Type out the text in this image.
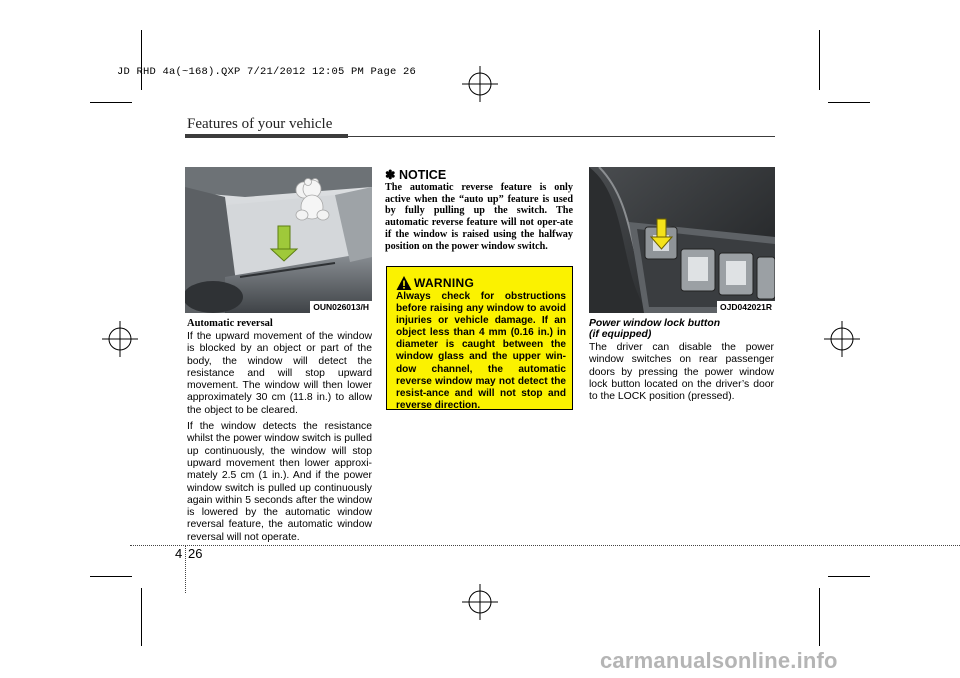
JD RHD 4a(~168).QXP 7/21/2012 12:05 PM Page 26
Features of your vehicle
OUN026013/H
Automatic reversal

If the upward movement of the window is blocked by an object or part of the body, the window will detect the resistance and will stop upward movement. The window will then lower approximately 30 cm (11.8 in.) to allow the object to be cleared.

If the window detects the resistance whilst the power window switch is pulled up continuously, the window will stop upward movement then lower approxi-mately 2.5 cm (1 in.). And if the power window switch is pulled up continuously again within 5 seconds after the window is lowered by the automatic window reversal feature, the automatic window reversal will not operate.

✽ NOTICE
The automatic reverse feature is only active when the “auto up” feature is used by fully pulling up the switch. The automatic reverse feature will not oper-ate if the window is raised using the halfway position on the power window switch.
WARNING
Always check for obstructions before raising any window to avoid injuries or vehicle damage. If an object less than 4 mm (0.16 in.) in diameter is caught between the window glass and the upper win-dow channel, the automatic reverse window may not detect the resist-ance and will not stop and reverse direction.
OJD042021R
Power window lock button
(if equipped)
The driver can disable the power window switches on rear passenger doors by pressing the power window lock button located on the driver’s door to the LOCK position (pressed).
4 26
carmanualsonline.info
